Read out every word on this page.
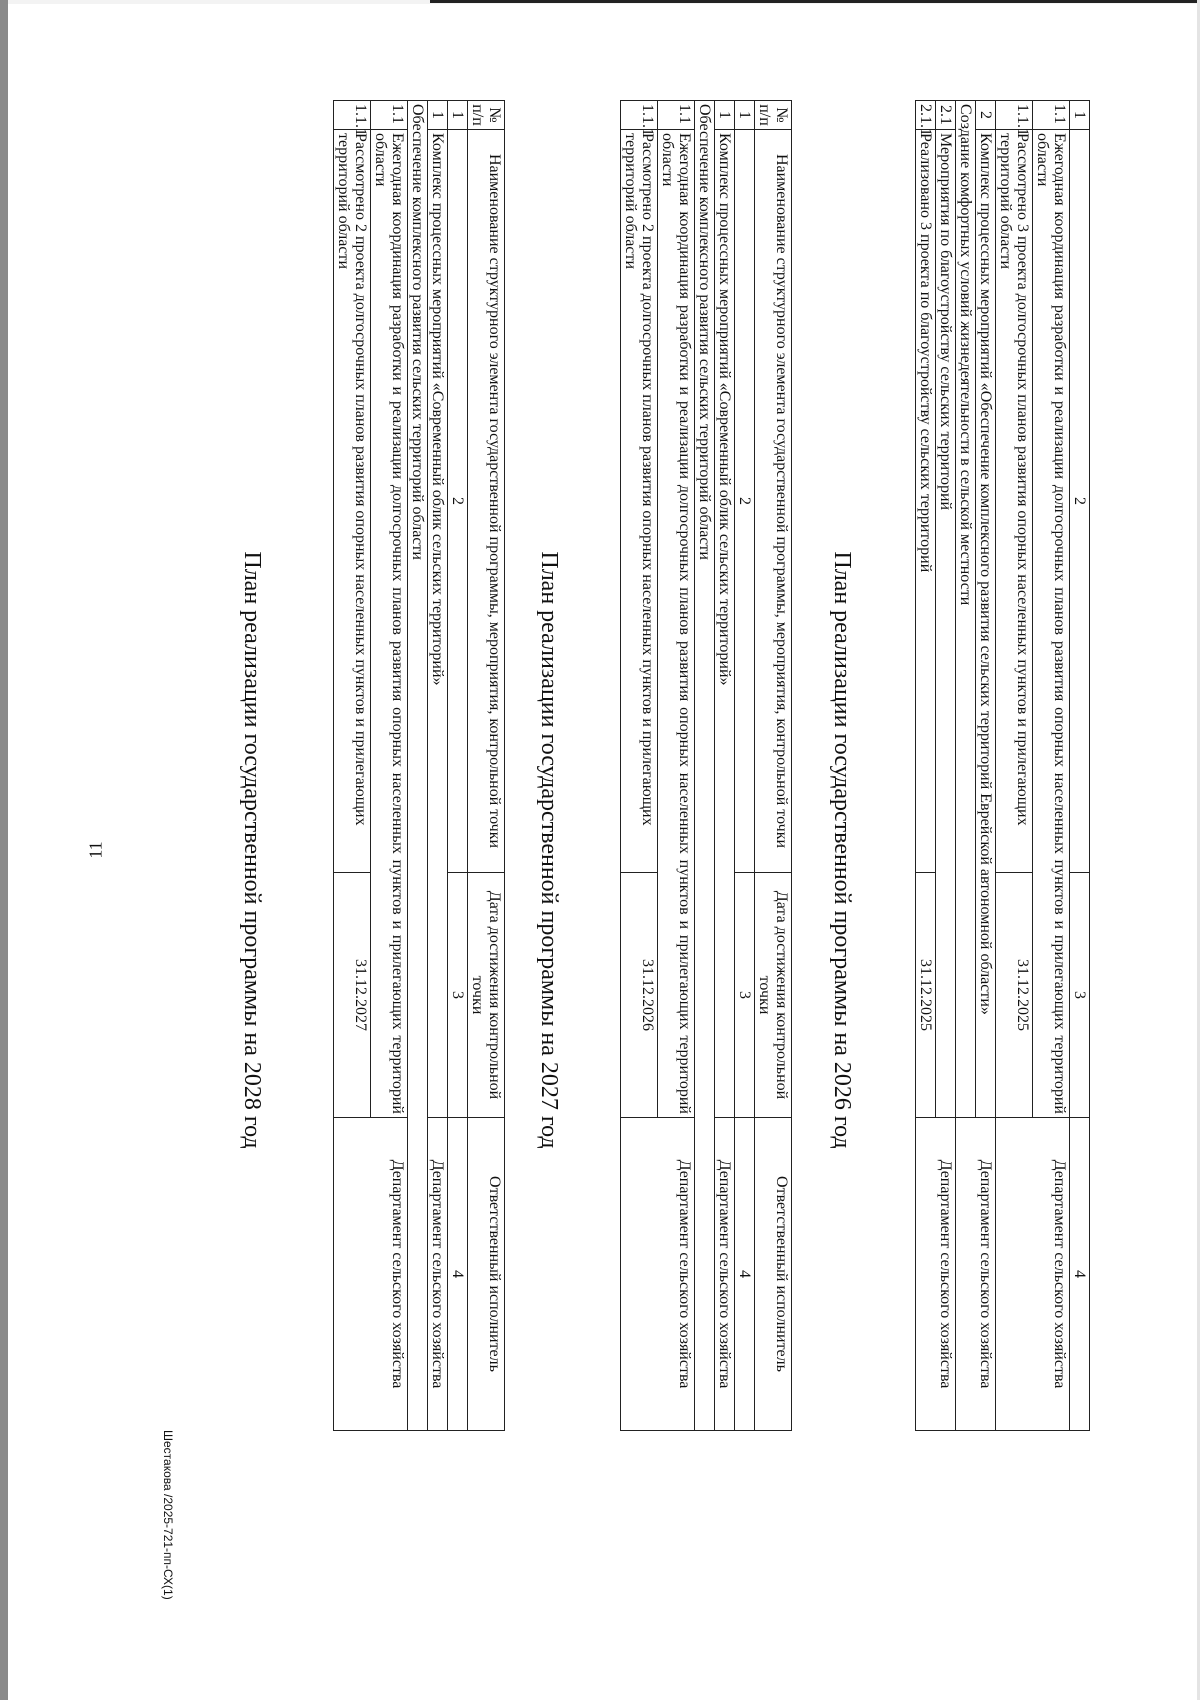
11
1	2	3	4
1.1	Ежегодная координация разработки и реализации долгосрочных планов развития опорных населенных пунктов и прилегающих территорий области		Департамент сельского хозяйства
1.1.1	Рассмотрено 3 проекта долгосрочных планов развития опорных населенных пунктов и прилегающих территорий области	31.12.2025	
2	Комплекс процессных мероприятий «Обеспечение комплексного развития сельских территорий Еврейской автономной области»		Департамент сельского хозяйства
Создание комфортных условий жизнедеятельности в сельской местности			
2.1	Мероприятия по благоустройству сельских территорий		Департамент сельского хозяйства
2.1.1	Реализовано 3 проекта по благоустройству сельских территорий	31.12.2025	
План реализации государственной программы на 2026 год
№ п/п	Наименование структурного элемента государственной программы, мероприятия, контрольной точки	Дата достижения контрольной точки	Ответственный исполнитель
1	2	3	4
1	Комплекс процессных мероприятий «Современный облик сельских территорий»		Департамент сельского хозяйства
Обеспечение комплексного развития сельских территорий области			
1.1	Ежегодная координация разработки и реализации долгосрочных планов развития опорных населенных пунктов и прилегающих территорий области		Департамент сельского хозяйства
1.1.1	Рассмотрено 2 проекта долгосрочных планов развития опорных населенных пунктов и прилегающих территорий области	31.12.2026	
План реализации государственной программы на 2027 год
№ п/п	Наименование структурного элемента государственной программы, мероприятия, контрольной точки	Дата достижения контрольной точки	Ответственный исполнитель
1	2	3	4
1	Комплекс процессных мероприятий «Современный облик сельских территорий»		Департамент сельского хозяйства
Обеспечение комплексного развития сельских территорий области			
1.1	Ежегодная координация разработки и реализации долгосрочных планов развития опорных населенных пунктов и прилегающих территорий области		Департамент сельского хозяйства
1.1.1	Рассмотрено 2 проекта долгосрочных планов развития опорных населенных пунктов и прилегающих территорий области	31.12.2027	
План реализации государственной программы на 2028 год
Шестакова /2025-721-пп-СХ(1)
